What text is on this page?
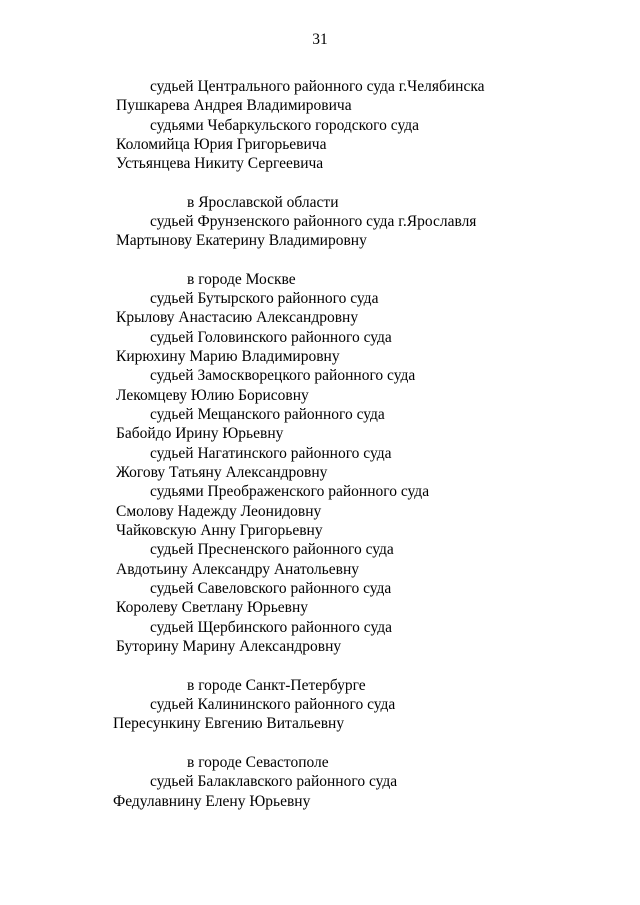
31
судьей Центрального районного суда г.Челябинска
Пушкарева Андрея Владимировича
судьями Чебаркульского городского суда
Коломийца Юрия Григорьевича
Устьянцева Никиту Сергеевича
в Ярославской области
судьей Фрунзенского районного суда г.Ярославля
Мартынову Екатерину Владимировну
в городе Москве
судьей Бутырского районного суда
Крылову Анастасию Александровну
судьей Головинского районного суда
Кирюхину Марию Владимировну
судьей Замоскворецкого районного суда
Лекомцеву Юлию Борисовну
судьей Мещанского районного суда
Бабойдо Ирину Юрьевну
судьей Нагатинского районного суда
Жогову Татьяну Александровну
судьями Преображенского районного суда
Смолову Надежду Леонидовну
Чайковскую Анну Григорьевну
судьей Пресненского районного суда
Авдотьину Александру Анатольевну
судьей Савеловского районного суда
Королеву Светлану Юрьевну
судьей Щербинского районного суда
Буторину Марину Александровну
в городе Санкт-Петербурге
судьей Калининского районного суда
Пересункину Евгению Витальевну
в городе Севастополе
судьей Балаклавского районного суда
Федулавнину Елену Юрьевну
